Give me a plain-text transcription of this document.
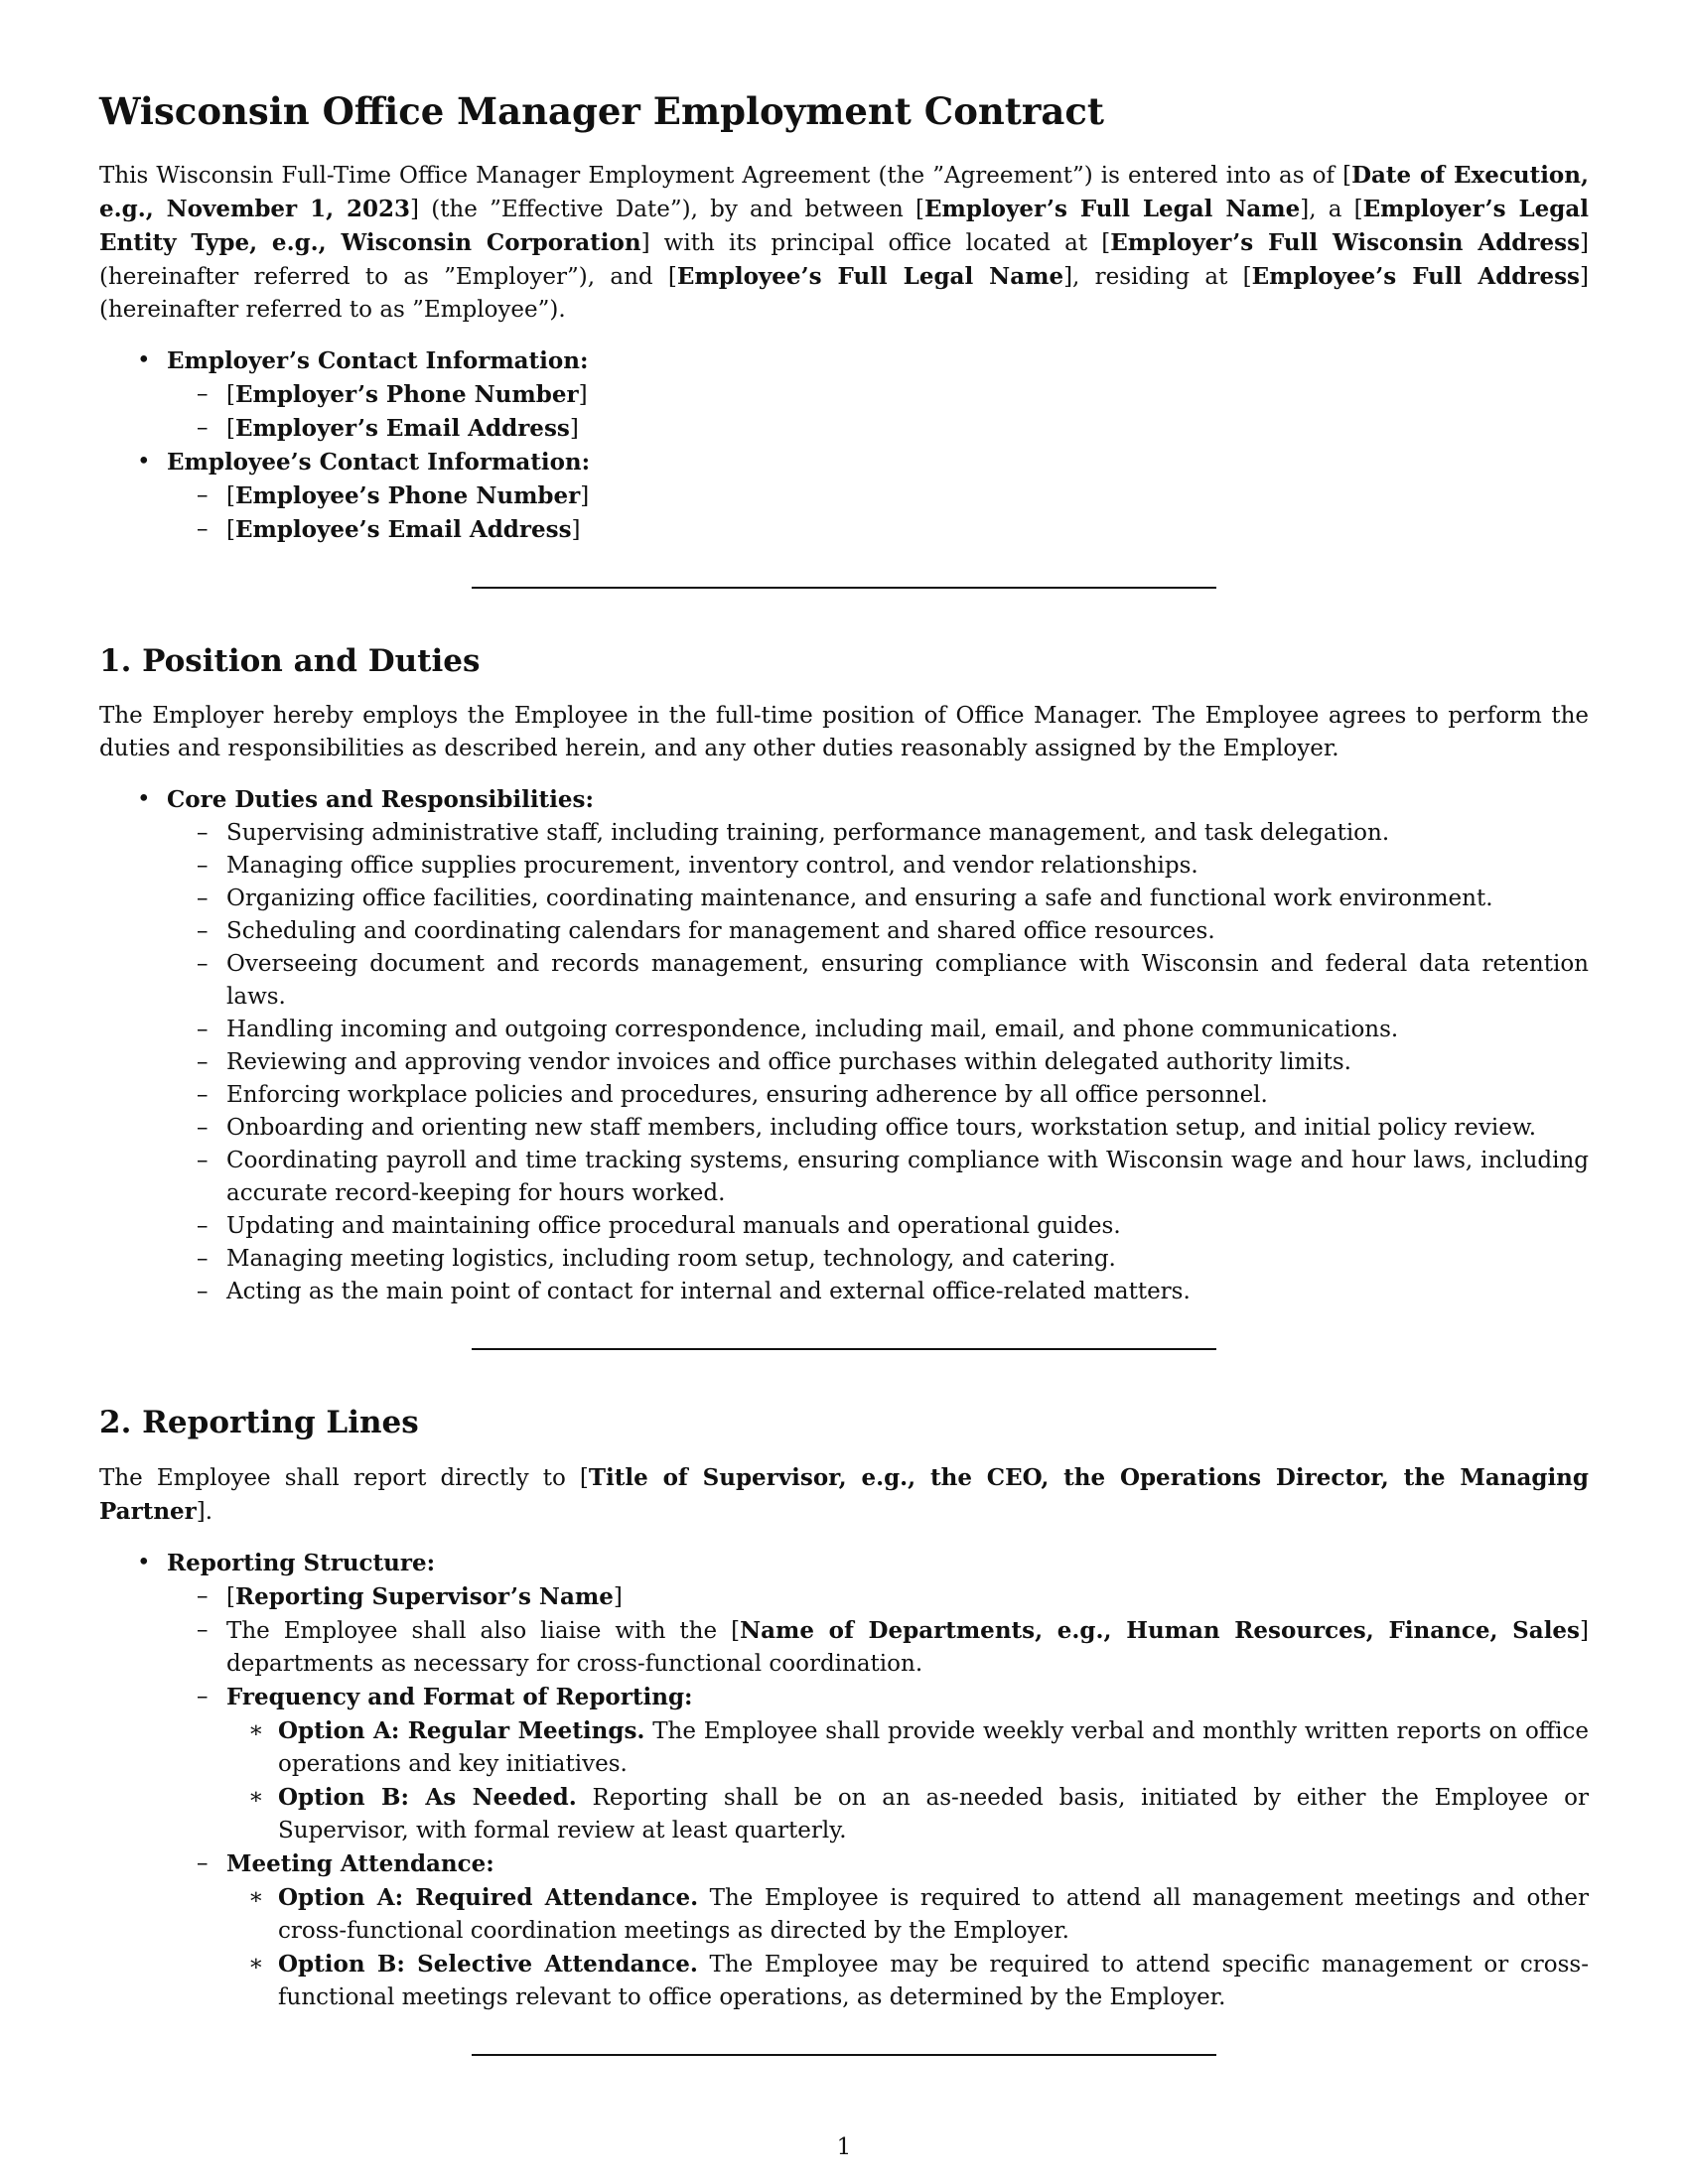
Wisconsin Office Manager Employment Contract

This Wisconsin Full-Time Office Manager Employment Agreement (the ”Agreement”) is entered into as of [Date of Execution, e.g., November 1, 2023] (the ”Effective Date”), by and between [Employer’s Full Legal Name], a [Employer’s Legal Entity Type, e.g., Wisconsin Corporation] with its principal office located at [Employer’s Full Wisconsin Address] (hereinafter referred to as ”Employer”), and [Employee’s Full Legal Name], residing at [Employee’s Full Address] (hereinafter referred to as ”Employee”).

• Employer’s Contact Information:
– [Employer’s Phone Number]
– [Employer’s Email Address]
• Employee’s Contact Information:
– [Employee’s Phone Number]
– [Employee’s Email Address]
1. Position and Duties

The Employer hereby employs the Employee in the full-time position of Office Manager. The Employee agrees to perform the duties and responsibilities as described herein, and any other duties reasonably assigned by the Employer.

• Core Duties and Responsibilities:
– Supervising administrative staff, including training, performance management, and task delegation.
– Managing office supplies procurement, inventory control, and vendor relationships.
– Organizing office facilities, coordinating maintenance, and ensuring a safe and functional work environment.
– Scheduling and coordinating calendars for management and shared office resources.
– Overseeing document and records management, ensuring compliance with Wisconsin and federal data retention laws.
– Handling incoming and outgoing correspondence, including mail, email, and phone communications.
– Reviewing and approving vendor invoices and office purchases within delegated authority limits.
– Enforcing workplace policies and procedures, ensuring adherence by all office personnel.
– Onboarding and orienting new staff members, including office tours, workstation setup, and initial policy review.
– Coordinating payroll and time tracking systems, ensuring compliance with Wisconsin wage and hour laws, including accurate record-keeping for hours worked.
– Updating and maintaining office procedural manuals and operational guides.
– Managing meeting logistics, including room setup, technology, and catering.
– Acting as the main point of contact for internal and external office-related matters.
2. Reporting Lines

The Employee shall report directly to [Title of Supervisor, e.g., the CEO, the Operations Director, the Managing Partner].

• Reporting Structure:
– [Reporting Supervisor’s Name]
– The Employee shall also liaise with the [Name of Departments, e.g., Human Resources, Finance, Sales] departments as necessary for cross-functional coordination.
– Frequency and Format of Reporting:
∗ Option A: Regular Meetings. The Employee shall provide weekly verbal and monthly written reports on office operations and key initiatives.
∗ Option B: As Needed. Reporting shall be on an as-needed basis, initiated by either the Employee or Supervisor, with formal review at least quarterly.
– Meeting Attendance:
∗ Option A: Required Attendance. The Employee is required to attend all management meetings and other cross-functional coordination meetings as directed by the Employer.
∗ Option B: Selective Attendance. The Employee may be required to attend specific management or cross-functional meetings relevant to office operations, as determined by the Employer.
1
